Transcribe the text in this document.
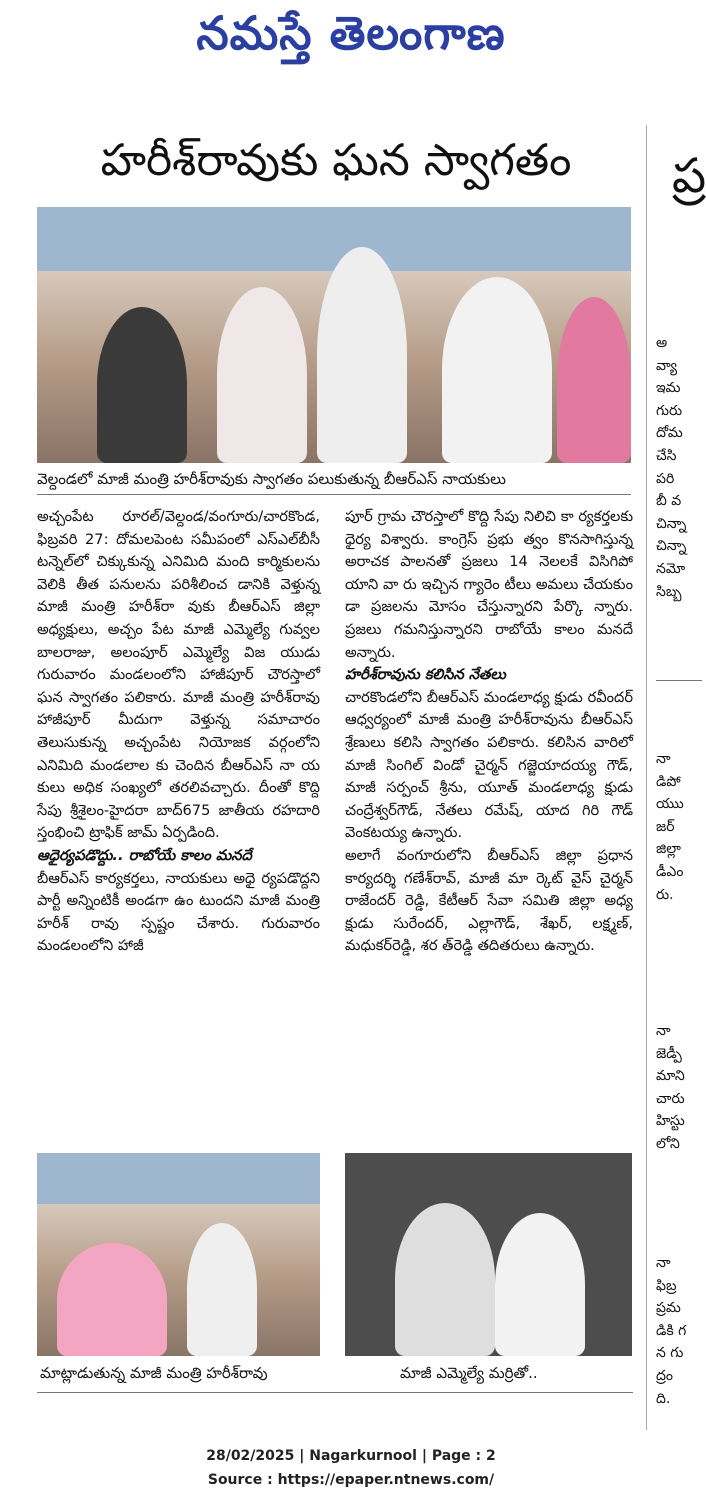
నమస్తే తెలంగాణ
హరీశ్‌రావుకు ఘన స్వాగతం
వెల్దండలో మాజీ మంత్రి హరీశ్‌రావుకు స్వాగతం పలుకుతున్న బీఆర్‌ఎస్ నాయకులు

అచ్చంపేట రూరల్/వెల్దండ/వంగూరు/చారకొండ, ఫిబ్రవరి 27: దోమలపెంట సమీపంలో ఎస్‌ఎల్‌బీసీ టన్నెల్‌లో చిక్కుకున్న ఎనిమిది మంది కార్మికులను వెలికి తీత పనులను పరిశీలించ డానికి వెళ్తున్న మాజీ మంత్రి హరీశ్‌రా వుకు బీఆర్‌ఎస్ జిల్లా అధ్యక్షులు, అచ్చం పేట మాజీ ఎమ్మెల్యే గువ్వల బాలరాజు, అలంపూర్ ఎమ్మెల్యే విజ యుడు గురువారం మండలంలోని హాజీపూర్ చౌరస్తాలో ఘన స్వాగతం పలికారు. మాజీ మంత్రి హరీశ్‌రావు హాజీపూర్ మీదుగా వెళ్తున్న సమాచారం తెలుసుకున్న అచ్చంపేట నియోజక వర్గంలోని ఎనిమిది మండలాల కు చెందిన బీఆర్‌ఎస్ నా య కులు అధిక సంఖ్యలో తరలివచ్చారు. దీంతో కొద్ది సేపు శ్రీశైలం-హైదరా బాద్675 జాతీయ రహదారి స్తంభించి ట్రాఫిక్ జామ్ ఏర్పడింది.

ఆధైర్యపడొద్దు.. రాబోయే కాలం మనదే

బీఆర్‌ఎస్ కార్యకర్తలు, నాయకులు అధై ర్యపడొద్దని పార్టీ అన్నింటికీ అండగా ఉం టుందని మాజీ మంత్రి హరీశ్ రావు స్పష్టం చేశారు. గురువారం మండలంలోని హాజీ

పూర్ గ్రామ చౌరస్తాలో కొద్ది సేపు నిలిచి కా ర్యకర్తలకు ధైర్య విశ్వారు. కాంగ్రెస్ ప్రభు త్వం కొనసాగిస్తున్న అరాచక పాలనతో ప్రజలు 14 నెలలకే విసిగిపో యాని వా రు ఇచ్చిన గ్యారెం టీలు అమలు చేయకుం డా ప్రజలను మోసం చేస్తున్నారని పేర్కొ న్నారు. ప్రజలు గమనిస్తున్నారని రాబోయే కాలం మనదే అన్నారు.

హరీశ్‌రావును కలిసిన నేతలు

చారకొండలోని బీఆర్‌ఎస్ మండలాధ్య క్షుడు రవీందర్ ఆధ్వర్యంలో మాజీ మంత్రి హరీశ్‌రావును బీఆర్‌ఎస్ శ్రేణులు కలిసి స్వాగతం పలికారు. కలిసిన వారిలో మాజీ సింగిల్ విండో చైర్మన్ గజ్జెయాదయ్య గౌడ్, మాజీ సర్పంచ్ శ్రీను, యూత్ మండలాధ్య క్షుడు చంద్రేశ్వర్‌గౌడ్, నేతలు రమేష్, యాద గిరి గౌడ్ వెంకటయ్య ఉన్నారు.

అలాగే వంగూరులోని బీఆర్‌ఎస్ జిల్లా ప్రధాన కార్యదర్శి గణేశ్‌రావ్, మాజీ మా ర్కెట్ వైస్ చైర్మన్ రాజేందర్ రెడ్డి, కేటీఆర్ సేవా సమితి జిల్లా అధ్య క్షుడు సురేందర్, ఎల్లాగౌడ్, శేఖర్, లక్ష్మణ్, మధుకర్‌రెడ్డి, శర త్‌రెడ్డి తదితరులు ఉన్నారు.

మాట్లాడుతున్న మాజీ మంత్రి హరీశ్‌రావు	మాజీ ఎమ్మెల్యే మర్రితో..
ప్ర
అ
వ్యా
ఇమ
గురు
దోమ
చేసి
పరి
బీ వ
చిన్నా
చిన్నా
నమో
సిబ్బ
నా
డిపో
యుు
జర్
జిల్లా
డీఎం
రు.
నా
జెడ్పీ
మాని
చారు
హిస్టు
లోని
నా
ఫిబ్ర
ప్రమ
డికి గ
న గు
ద్రం
ది.
28/02/2025 | Nagarkurnool | Page : 2
Source : https://epaper.ntnews.com/
